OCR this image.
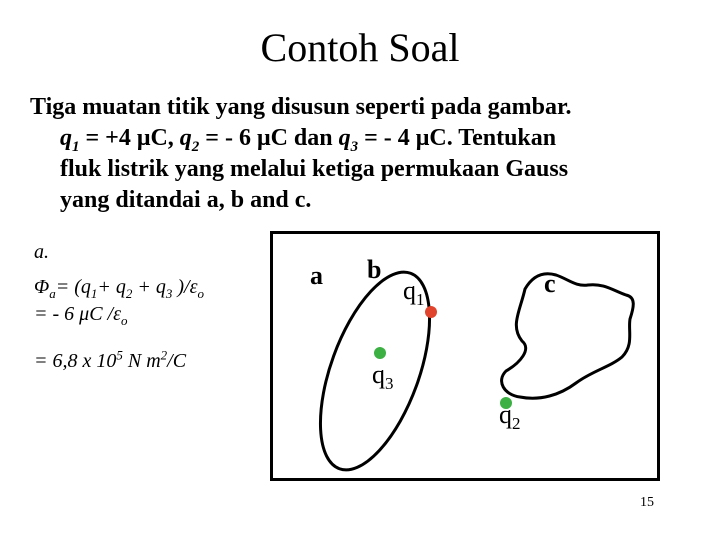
Contoh Soal
Tiga muatan titik yang disusun seperti pada gambar.
$q_1 = +4$ μC, $q_2$ = - 6 μC dan $q_3$ = - 4 μC. Tentukan
fluk listrik yang melalui ketiga permukaan Gauss
yang ditandai a, b and c.
a.
$\Phi_a= (q_1+ q_2 + q_3$ )$/\varepsilon_o$
= - 6 μC $/\varepsilon_o$
= 6,8 x $10^5$ N $m^2/C$
a b	c
$q_1$
$q_3$
$q_2$
15
